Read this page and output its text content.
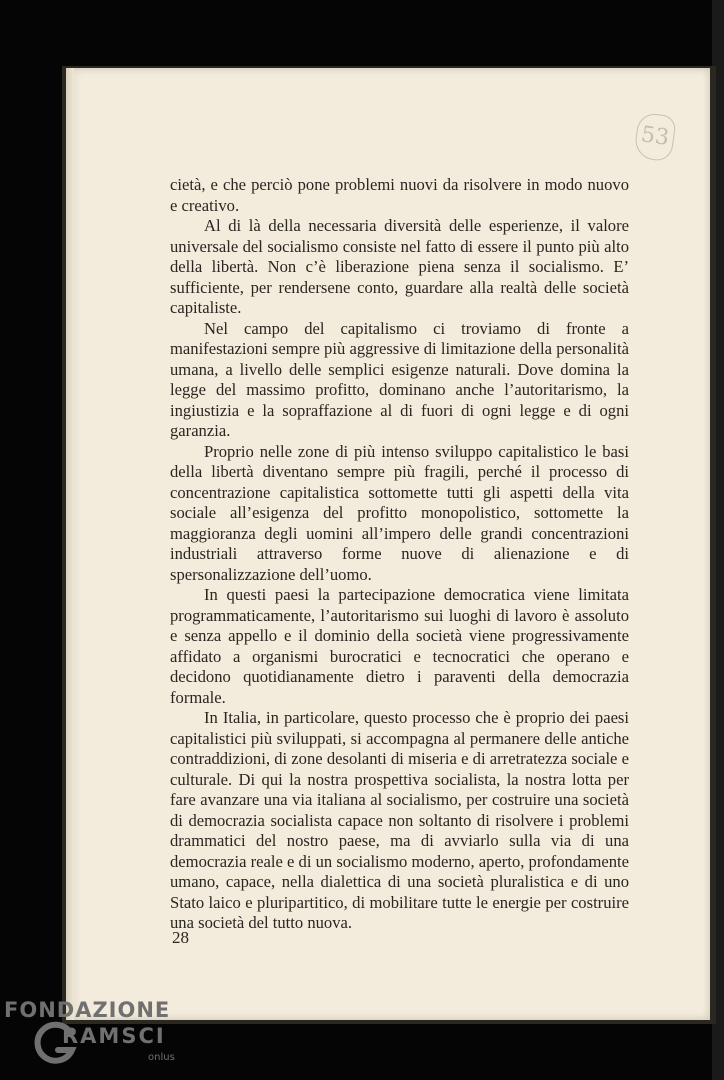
53

cietà, e che perciò pone problemi nuovi da risolvere in modo nuovo e creativo.

Al di là della necessaria diversità delle esperienze, il valore universale del socialismo consiste nel fatto di essere il punto più alto della libertà. Non c’è liberazione piena senza il socialismo. E’ sufficiente, per rendersene conto, guardare alla realtà delle società capitaliste.

Nel campo del capitalismo ci troviamo di fronte a manifestazioni sempre più aggressive di limitazione della personalità umana, a livello delle semplici esigenze naturali. Dove domina la legge del massimo profitto, dominano anche l’autoritarismo, la ingiustizia e la sopraffazione al di fuori di ogni legge e di ogni garanzia.

Proprio nelle zone di più intenso sviluppo capitalistico le basi della libertà diventano sempre più fragili, perché il processo di concentrazione capitalistica sottomette tutti gli aspetti della vita sociale all’esigenza del profitto monopolistico, sottomette la maggioranza degli uomini all’impero delle grandi concentrazioni industriali attraverso forme nuove di alienazione e di spersonalizzazione dell’uomo.

In questi paesi la partecipazione democratica viene limitata programmaticamente, l’autoritarismo sui luoghi di lavoro è assoluto e senza appello e il dominio della società viene progressivamente affidato a organismi burocratici e tecnocratici che operano e decidono quotidianamente dietro i paraventi della democrazia formale.

In Italia, in particolare, questo processo che è proprio dei paesi capitalistici più sviluppati, si accompagna al permanere delle antiche contraddizioni, di zone desolanti di miseria e di arretratezza sociale e culturale. Di qui la nostra prospettiva socialista, la nostra lotta per fare avanzare una via italiana al socialismo, per costruire una società di democrazia socialista capace non soltanto di risolvere i problemi drammatici del nostro paese, ma di avviarlo sulla via di una democrazia reale e di un socialismo moderno, aperto, profondamente umano, capace, nella dialettica di una società pluralistica e di uno Stato laico e pluripartitico, di mobilitare tutte le energie per costruire una società del tutto nuova.

28
FONDAZIONE
RAMSCI
onlus
